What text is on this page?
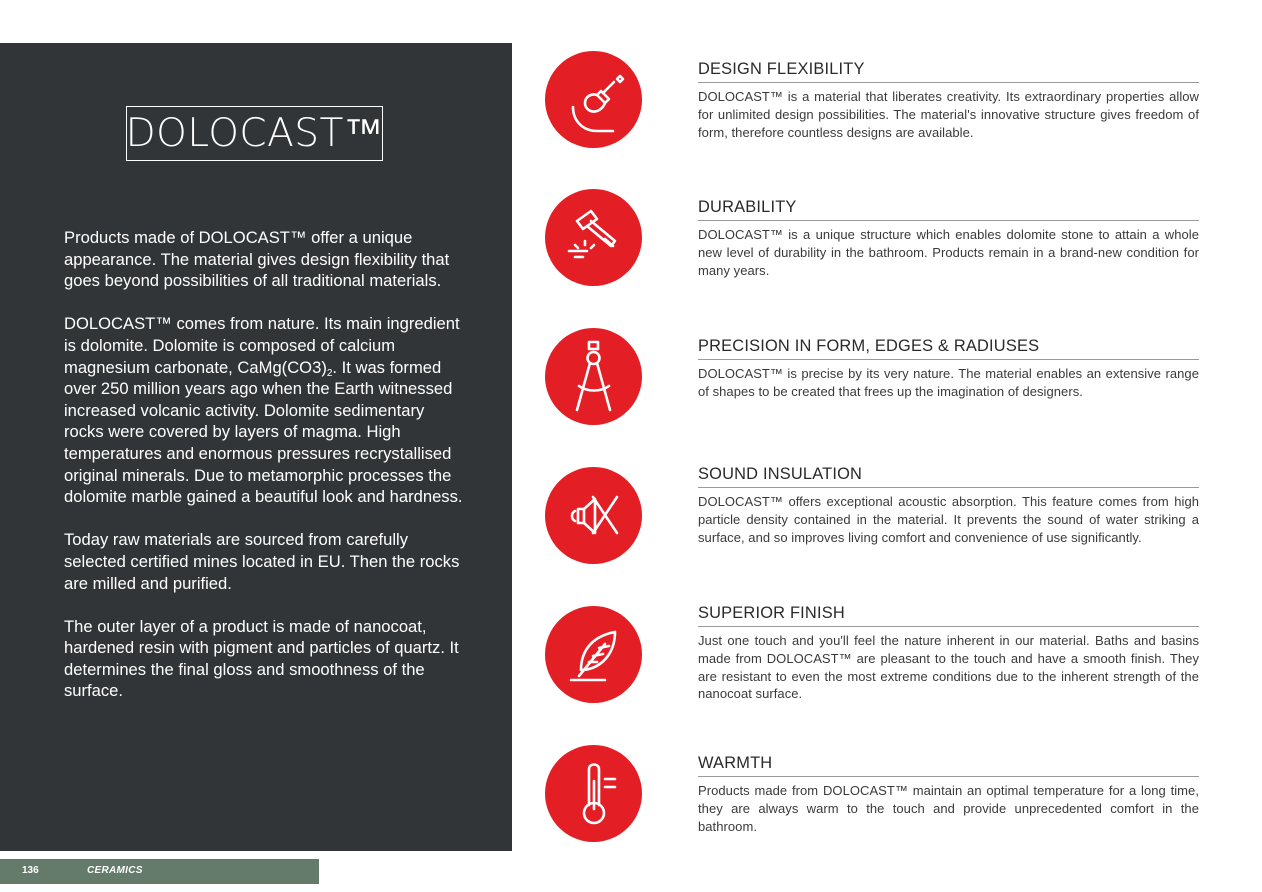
DOLOCAST™

Products made of DOLOCAST™ offer a unique appearance. The material gives design flexibility that goes beyond possibilities of all traditional materials.

DOLOCAST™ comes from nature. Its main ingredient is dolomite. Dolomite is composed of calcium magnesium carbonate, $CaMg(CO3)_2$. It was formed over 250 million years ago when the Earth witnessed increased volcanic activity. Dolomite sedimentary rocks were covered by layers of magma. High temperatures and enormous pressures recrystallised original minerals. Due to metamorphic processes the dolomite marble gained a beautiful look and hardness.

Today raw materials are sourced from carefully selected certified mines located in EU. Then the rocks are milled and purified.

The outer layer of a product is made of nanocoat, hardened resin with pigment and particles of quartz. It determines the final gloss and smoothness of the surface.

DESIGN FLEXIBILITY
DOLOCAST™ is a material that liberates creativity. Its extraordinary properties allow for unlimited design possibilities. The material's innovative structure gives freedom of form, therefore countless designs are available.
DURABILITY
DOLOCAST™ is a unique structure which enables dolomite stone to attain a whole new level of durability in the bathroom. Products remain in a brand-new condition for many years.
PRECISION IN FORM, EDGES & RADIUSES
DOLOCAST™ is precise by its very nature. The material enables an extensive range of shapes to be created that frees up the imagination of designers.
SOUND INSULATION
DOLOCAST™ offers exceptional acoustic absorption. This feature comes from high particle density contained in the material. It prevents the sound of water striking a surface, and so improves living comfort and convenience of use significantly.
SUPERIOR FINISH
Just one touch and you'll feel the nature inherent in our material. Baths and basins made from DOLOCAST™ are pleasant to the touch and have a smooth finish. They are resistant to even the most extreme conditions due to the inherent strength of the nanocoat surface.
WARMTH
Products made from DOLOCAST™ maintain an optimal temperature for a long time, they are always warm to the touch and provide unprecedented comfort in the bathroom.
136	CERAMICS
